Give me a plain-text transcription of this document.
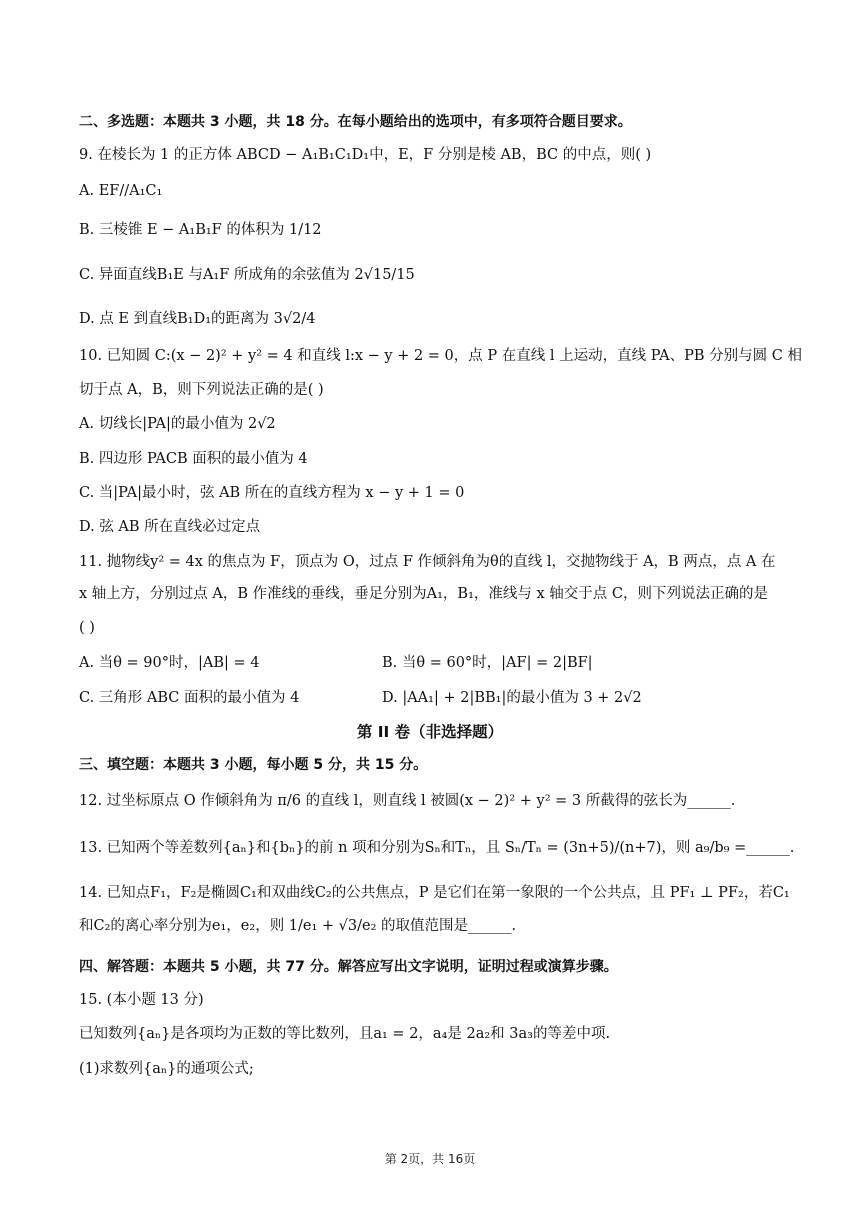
二、多选题：本题共 3 小题，共 18 分。在每小题给出的选项中，有多项符合题目要求。
9. 在棱长为 1 的正方体 ABCD − A₁B₁C₁D₁中，E，F 分别是棱 AB，BC 的中点，则( )
A. EF//A₁C₁
B. 三棱锥 E − A₁B₁F 的体积为 1/12
C. 异面直线B₁E 与A₁F 所成角的余弦值为 2√15/15
D. 点 E 到直线B₁D₁的距离为 3√2/4
10. 已知圆 C:(x − 2)² + y² = 4 和直线 l:x − y + 2 = 0，点 P 在直线 l 上运动，直线 PA、PB 分别与圆 C 相
切于点 A，B，则下列说法正确的是( )
A. 切线长|PA|的最小值为 2√2
B. 四边形 PACB 面积的最小值为 4
C. 当|PA|最小时，弦 AB 所在的直线方程为 x − y + 1 = 0
D. 弦 AB 所在直线必过定点
11. 抛物线y² = 4x 的焦点为 F，顶点为 O，过点 F 作倾斜角为θ的直线 l，交抛物线于 A，B 两点，点 A 在
x 轴上方，分别过点 A，B 作准线的垂线，垂足分别为A₁，B₁，准线与 x 轴交于点 C，则下列说法正确的是
( )
A. 当θ = 90°时，|AB| = 4	B. 当θ = 60°时，|AF| = 2|BF|
C. 三角形 ABC 面积的最小值为 4	D. |AA₁| + 2|BB₁|的最小值为 3 + 2√2
第 II 卷（非选择题）
三、填空题：本题共 3 小题，每小题 5 分，共 15 分。
12. 过坐标原点 O 作倾斜角为 π/6 的直线 l，则直线 l 被圆(x − 2)² + y² = 3 所截得的弦长为______.
13. 已知两个等差数列{aₙ}和{bₙ}的前 n 项和分别为Sₙ和Tₙ，且 Sₙ/Tₙ = (3n+5)/(n+7)，则 a₉/b₉ =______.
14. 已知点F₁，F₂是椭圆C₁和双曲线C₂的公共焦点，P 是它们在第一象限的一个公共点，且 PF₁ ⊥ PF₂，若C₁
和C₂的离心率分别为e₁，e₂，则 1/e₁ + √3/e₂ 的取值范围是______.
四、解答题：本题共 5 小题，共 77 分。解答应写出文字说明，证明过程或演算步骤。
15. (本小题 13 分)
已知数列{aₙ}是各项均为正数的等比数列，且a₁ = 2，a₄是 2a₂和 3a₃的等差中项.
(1)求数列{aₙ}的通项公式;
第 2页，共 16页
